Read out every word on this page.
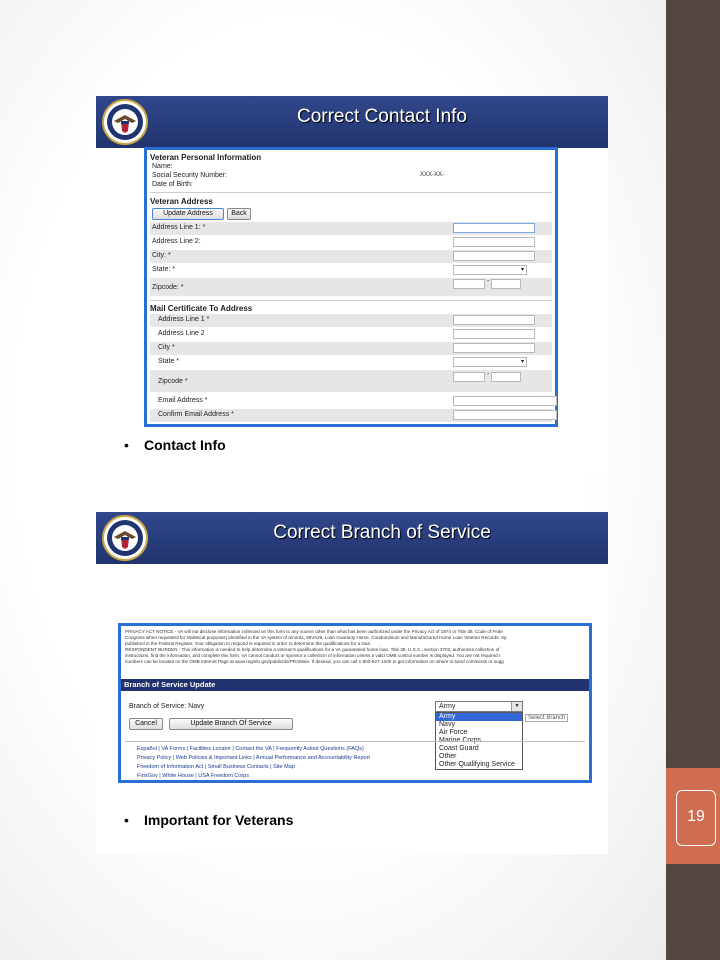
19
Correct Contact Info
Veteran Personal Information
Name:
Social Security Number:	XXX-XX-
Date of Birth:
Veteran Address
Update Address	Back
Address Line 1: *
Address Line 2:
City: *
State: *	▾
Zipcode: *
-
Mail Certificate To Address
Address Line 1 *
Address Line 2
City *
State *	▾
Zipcode *
-
Email Address *
Confirm Email Address *
• Contact Info
Correct Branch of Service
PRIVACY ACT NOTICE - VA will not disclose information collected on this form to any source other than what has been authorized under the Privacy Act of 1974 or Title 38, Code of Fede
Congress when requested for statistical purposes) identified in the VA system of records, 55VA26, Loan Guaranty Home, Condominium and Manufactured Home Loan Veteran Records, Sp
published in the Federal Register. Your obligation to respond is required in order to determine the qualifications for a loan.
RESPONDENT BURDEN - This information is needed to help determine a veteran's qualifications for a VA guaranteed home loan. Title 38, U.S.C., section 3702, authorizes collection of
instructions, find the information, and complete this form. VA cannot conduct or sponsor a collection of information unless a valid OMB control number is displayed. You are not required t
numbers can be located on the OMB Internet Page at www.reginfo.gov/public/do/PRAMain. If desired, you can call 1-800-827-1000 to get information on where to send comments or sugg
Branch of Service Update
Branch of Service: Navy	Army	▼
Select Branch
Army
Navy
Air Force
Coast Guard
Other
Other Qualifying Service
Cancel	Update Branch Of Service
Español | VA Forms | Facilities Locator | Contact the VA | Frequently Asked Questions (FAQs)
Privacy Policy | Web Policies & Important Links | Annual Performance and Accountability Report
Freedom of Information Act | Small Business Contacts | Site Map
FirstGov | White House | USA Freedom Corps
• Important for Veterans
